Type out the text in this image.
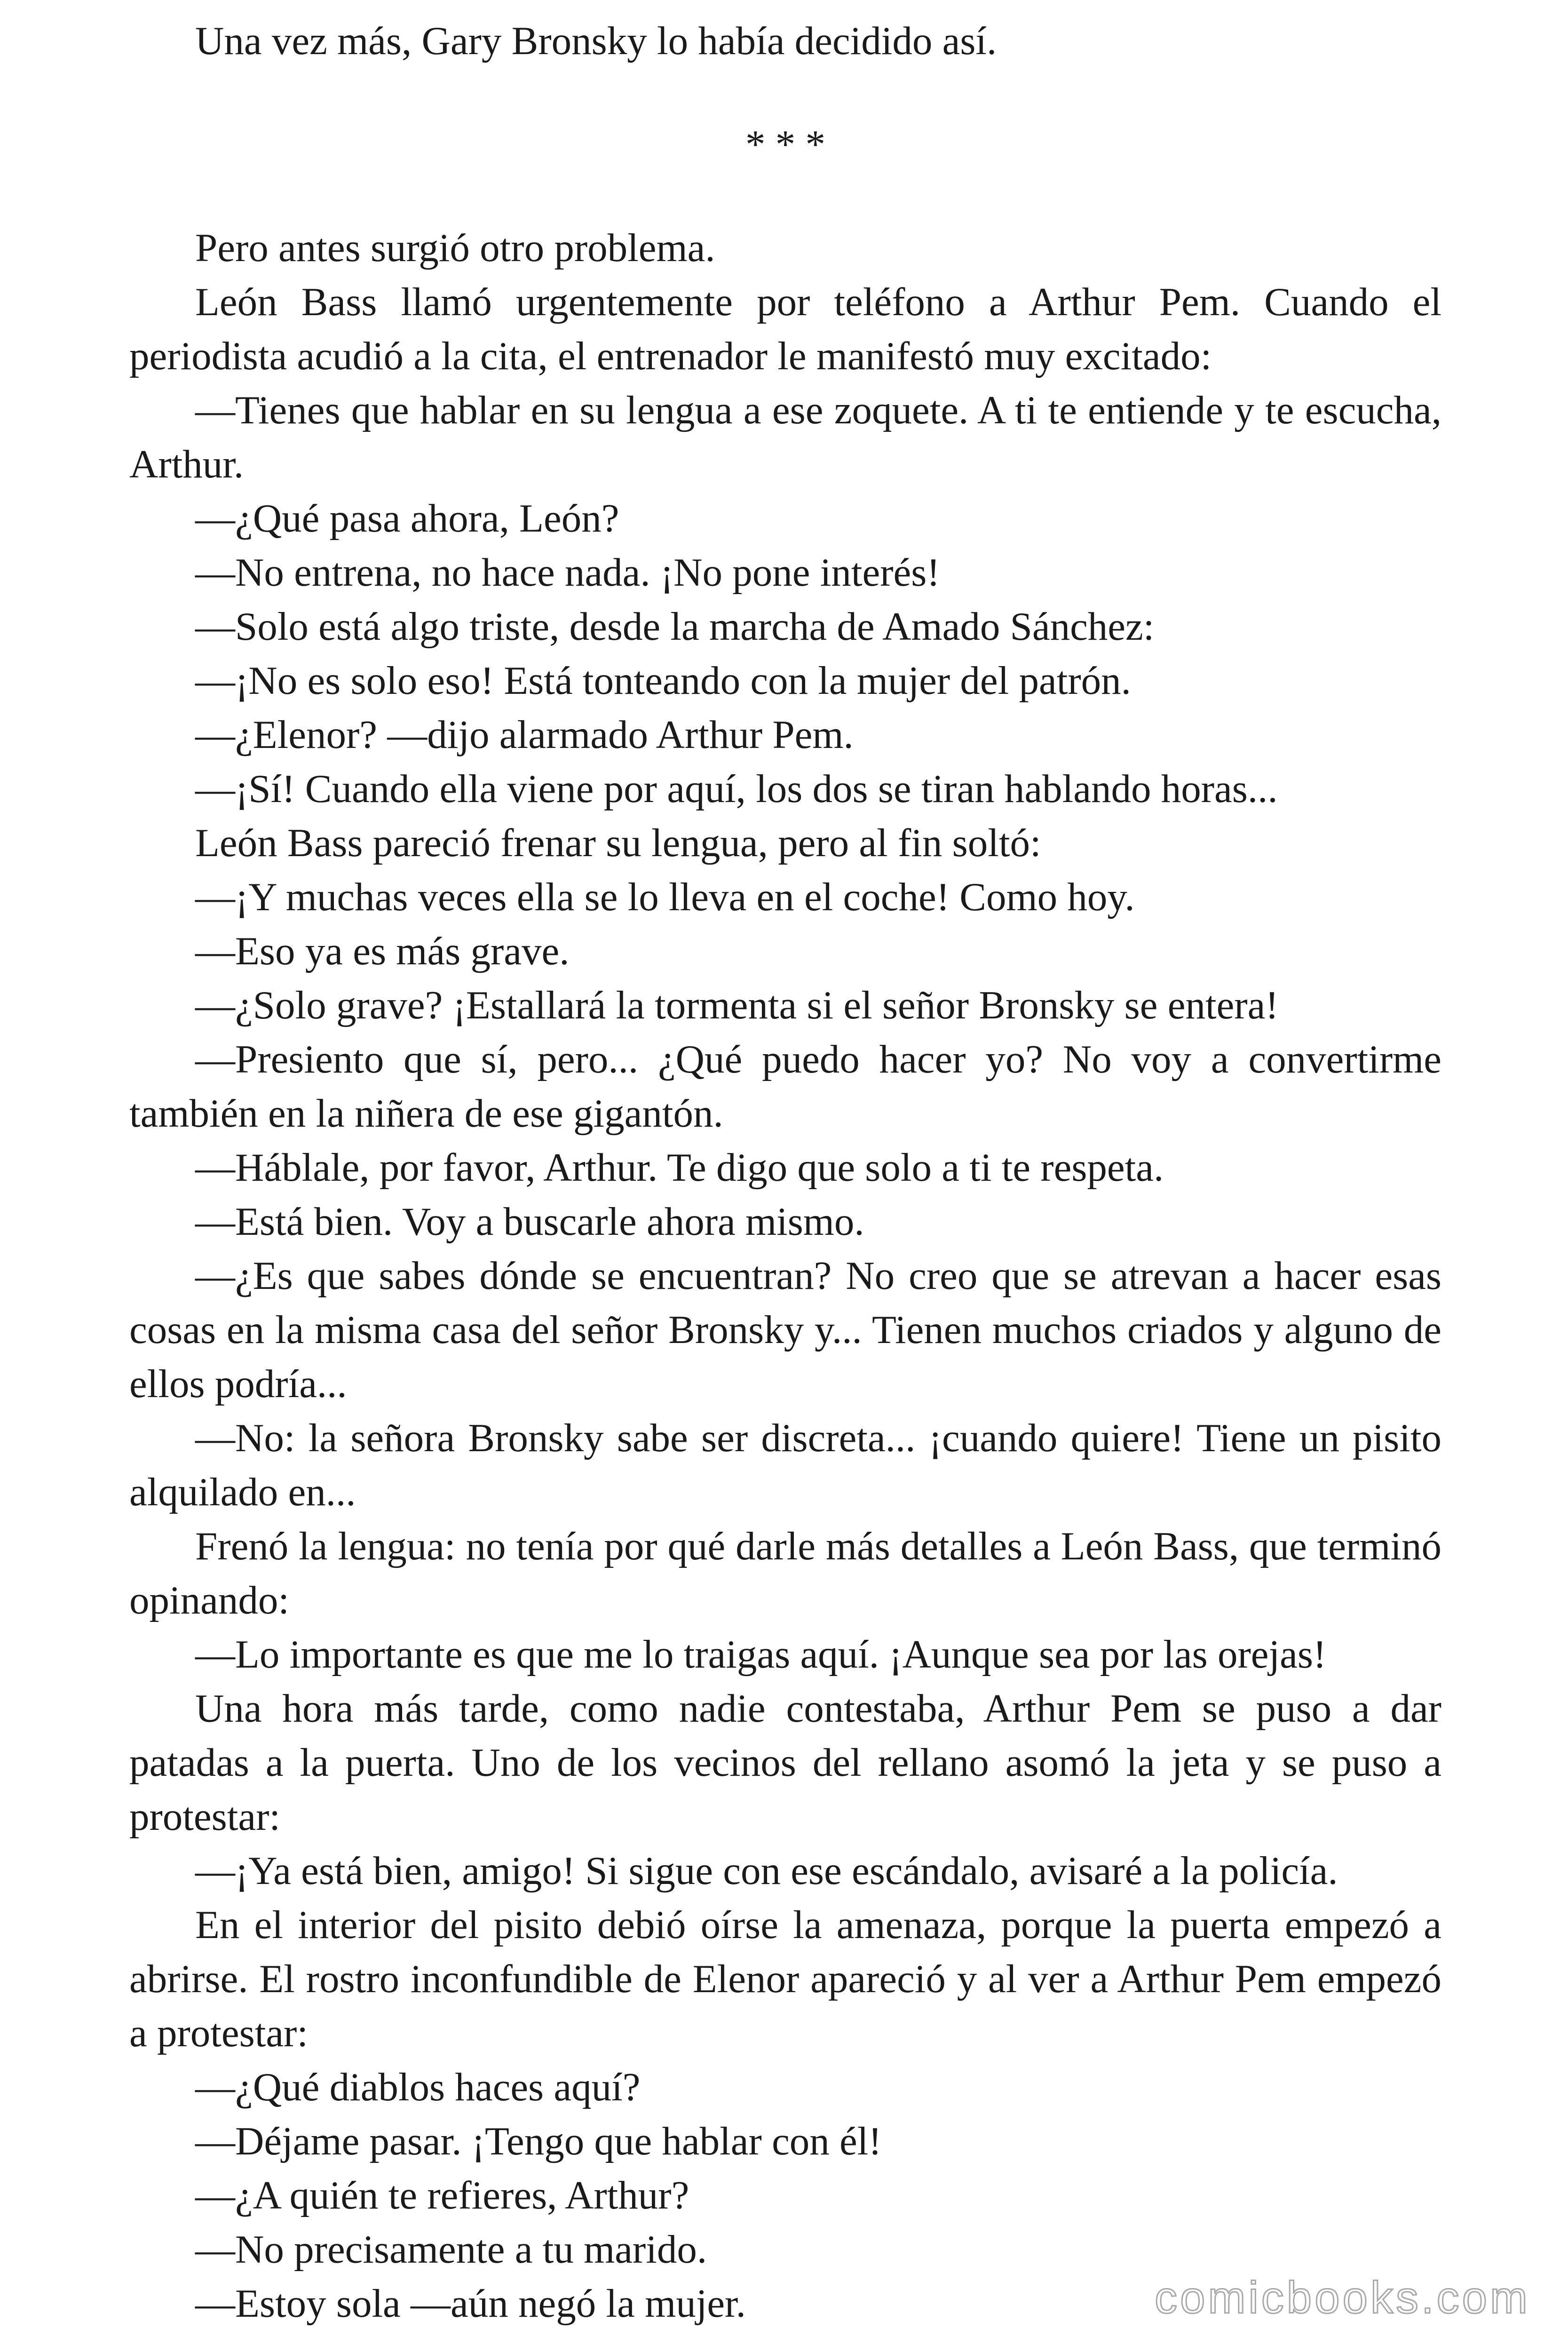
Una vez más, Gary Bronsky lo había decidido así.

* * *

Pero antes surgió otro problema.

León Bass llamó urgentemente por teléfono a Arthur Pem. Cuando el periodista acudió a la cita, el entrenador le manifestó muy excitado:

—Tienes que hablar en su lengua a ese zoquete. A ti te entiende y te escucha, Arthur.

—¿Qué pasa ahora, León?

—No entrena, no hace nada. ¡No pone interés!

—Solo está algo triste, desde la marcha de Amado Sánchez:

—¡No es solo eso! Está tonteando con la mujer del patrón.

—¿Elenor? —dijo alarmado Arthur Pem.

—¡Sí! Cuando ella viene por aquí, los dos se tiran hablando horas...

León Bass pareció frenar su lengua, pero al fin soltó:

—¡Y muchas veces ella se lo lleva en el coche! Como hoy.

—Eso ya es más grave.

—¿Solo grave? ¡Estallará la tormenta si el señor Bronsky se entera!

—Presiento que sí, pero... ¿Qué puedo hacer yo? No voy a convertirme también en la niñera de ese gigantón.

—Háblale, por favor, Arthur. Te digo que solo a ti te respeta.

—Está bien. Voy a buscarle ahora mismo.

—¿Es que sabes dónde se encuentran? No creo que se atrevan a hacer esas cosas en la misma casa del señor Bronsky y... Tienen muchos criados y alguno de ellos podría...

—No: la señora Bronsky sabe ser discreta... ¡cuando quiere! Tiene un pisito alquilado en...

Frenó la lengua: no tenía por qué darle más detalles a León Bass, que terminó opinando:

—Lo importante es que me lo traigas aquí. ¡Aunque sea por las orejas!

Una hora más tarde, como nadie contestaba, Arthur Pem se puso a dar patadas a la puerta. Uno de los vecinos del rellano asomó la jeta y se puso a protestar:

—¡Ya está bien, amigo! Si sigue con ese escándalo, avisaré a la policía.

En el interior del pisito debió oírse la amenaza, porque la puerta empezó a abrirse. El rostro inconfundible de Elenor apareció y al ver a Arthur Pem empezó a protestar:

—¿Qué diablos haces aquí?

—Déjame pasar. ¡Tengo que hablar con él!

—¿A quién te refieres, Arthur?

—No precisamente a tu marido.

—Estoy sola —aún negó la mujer.	comicbooks.com
